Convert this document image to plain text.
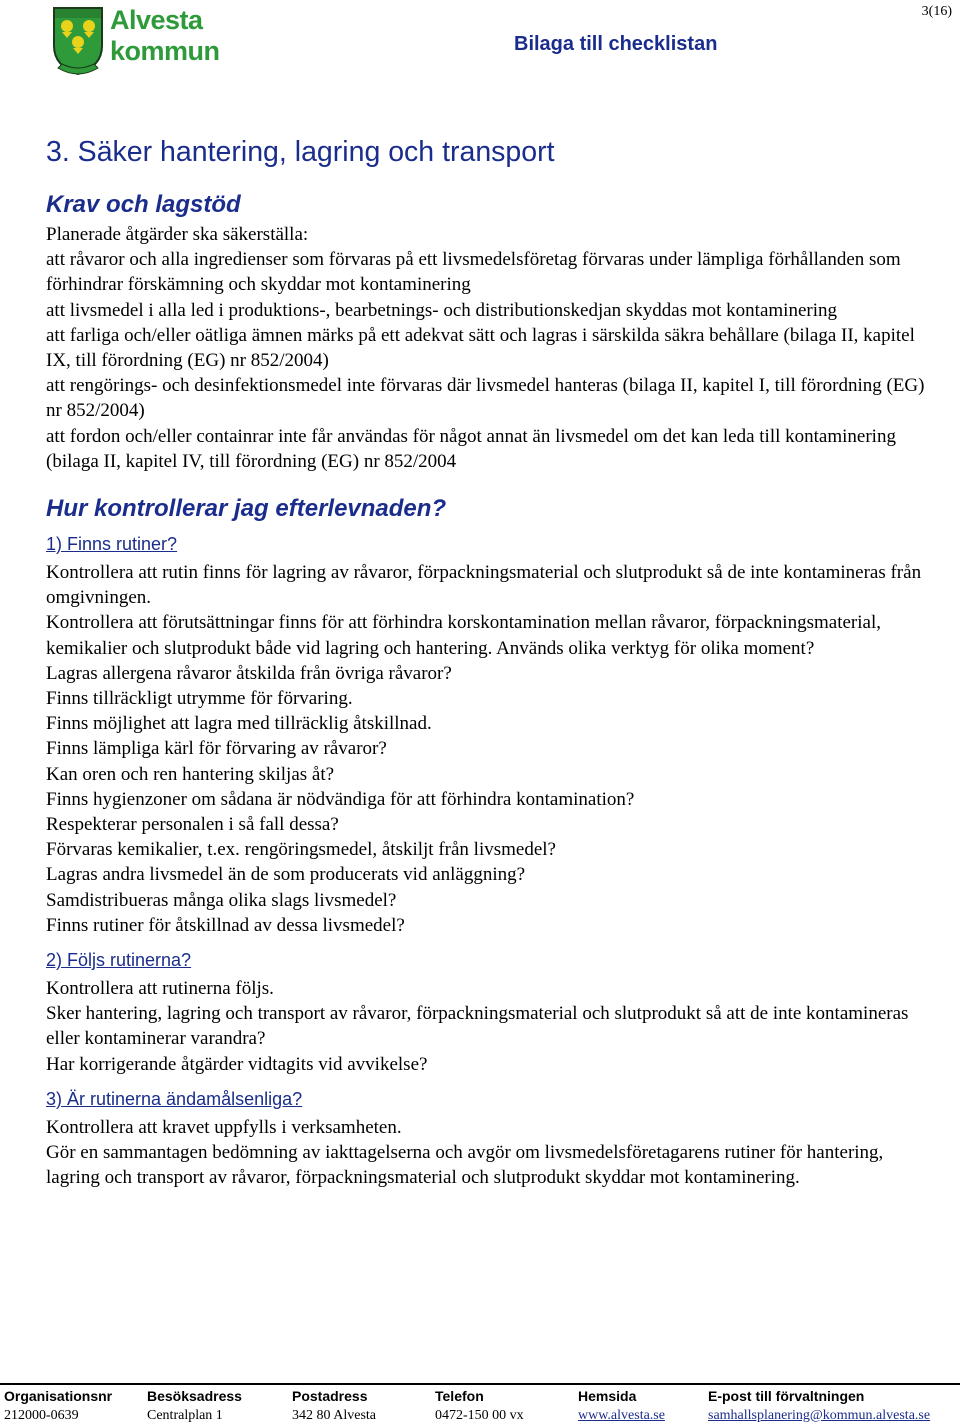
3(16)
Alvesta
kommun	Bilaga till checklistan
3. Säker hantering, lagring och transport
Krav och lagstöd

Planerade åtgärder ska säkerställa:

att råvaror och alla ingredienser som förvaras på ett livsmedelsföretag förvaras under lämpliga förhållanden som förhindrar förskämning och skyddar mot kontaminering

att livsmedel i alla led i produktions-, bearbetnings- och distributionskedjan skyddas mot kontaminering

att farliga och/eller oätliga ämnen märks på ett adekvat sätt och lagras i särskilda säkra behållare (bilaga II, kapitel IX, till förordning (EG) nr 852/2004)

att rengörings- och desinfektionsmedel inte förvaras där livsmedel hanteras (bilaga II, kapitel I, till förordning (EG) nr 852/2004)

att fordon och/eller containrar inte får användas för något annat än livsmedel om det kan leda till kontaminering (bilaga II, kapitel IV, till förordning (EG) nr 852/2004

Hur kontrollerar jag efterlevnaden?
1) Finns rutiner?

Kontrollera att rutin finns för lagring av råvaror, förpackningsmaterial och slutprodukt så de inte kontamineras från omgivningen.

Kontrollera att förutsättningar finns för att förhindra korskontamination mellan råvaror, förpackningsmaterial, kemikalier och slutprodukt både vid lagring och hantering. Används olika verktyg för olika moment?

Lagras allergena råvaror åtskilda från övriga råvaror?

Finns tillräckligt utrymme för förvaring.

Finns möjlighet att lagra med tillräcklig åtskillnad.

Finns lämpliga kärl för förvaring av råvaror?

Kan oren och ren hantering skiljas åt?

Finns hygienzoner om sådana är nödvändiga för att förhindra kontamination?

Respekterar personalen i så fall dessa?

Förvaras kemikalier, t.ex. rengöringsmedel, åtskiljt från livsmedel?

Lagras andra livsmedel än de som producerats vid anläggning?

Samdistribueras många olika slags livsmedel?

Finns rutiner för åtskillnad av dessa livsmedel?

2) Följs rutinerna?

Kontrollera att rutinerna följs.

Sker hantering, lagring och transport av råvaror, förpackningsmaterial och slutprodukt så att de inte kontamineras eller kontaminerar varandra?

Har korrigerande åtgärder vidtagits vid avvikelse?

3) Är rutinerna ändamålsenliga?

Kontrollera att kravet uppfylls i verksamheten.

Gör en sammantagen bedömning av iakttagelserna och avgör om livsmedelsföretagarens rutiner för hantering, lagring och transport av råvaror, förpackningsmaterial och slutprodukt skyddar mot kontaminering.

Organisationsnr
212000-0639
Besöksadress
Centralplan 1
Postadress
342 80 Alvesta
Telefon
0472-150 00 vx
Hemsida
www.alvesta.se
E-post till förvaltningen
samhallsplanering@kommun.alvesta.se
